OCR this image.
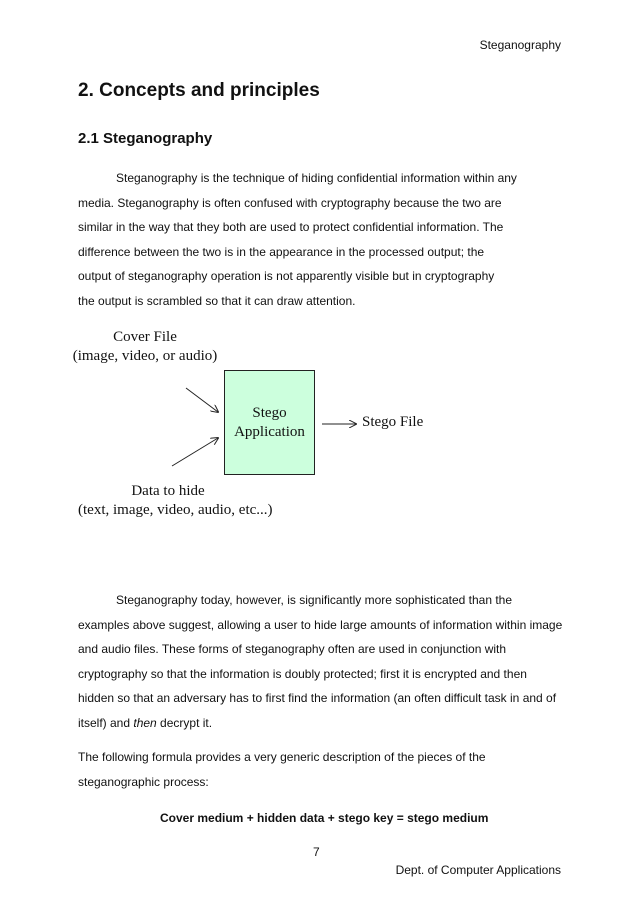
Steganography
2. Concepts and principles
2.1 Steganography

Steganography is the technique of hiding confidential information within any
media. Steganography is often confused with cryptography because the two are
similar in the way that they both are used to protect confidential information. The
difference between the two is in the appearance in the processed output; the
output of steganography operation is not apparently visible but in cryptography
the output is scrambled so that it can draw attention.

Cover File
(image, video, or audio)
Stego
Application
Stego File
Data to hide
(text, image, video, audio, etc...)

Steganography today, however, is significantly more sophisticated than the
examples above suggest, allowing a user to hide large amounts of information within image
and audio files. These forms of steganography often are used in conjunction with
cryptography so that the information is doubly protected; first it is encrypted and then
hidden so that an adversary has to first find the information (an often difficult task in and of
itself) and then decrypt it.

The following formula provides a very generic description of the pieces of the
steganographic process:

Cover medium + hidden data + stego key = stego medium
7
Dept. of Computer Applications
